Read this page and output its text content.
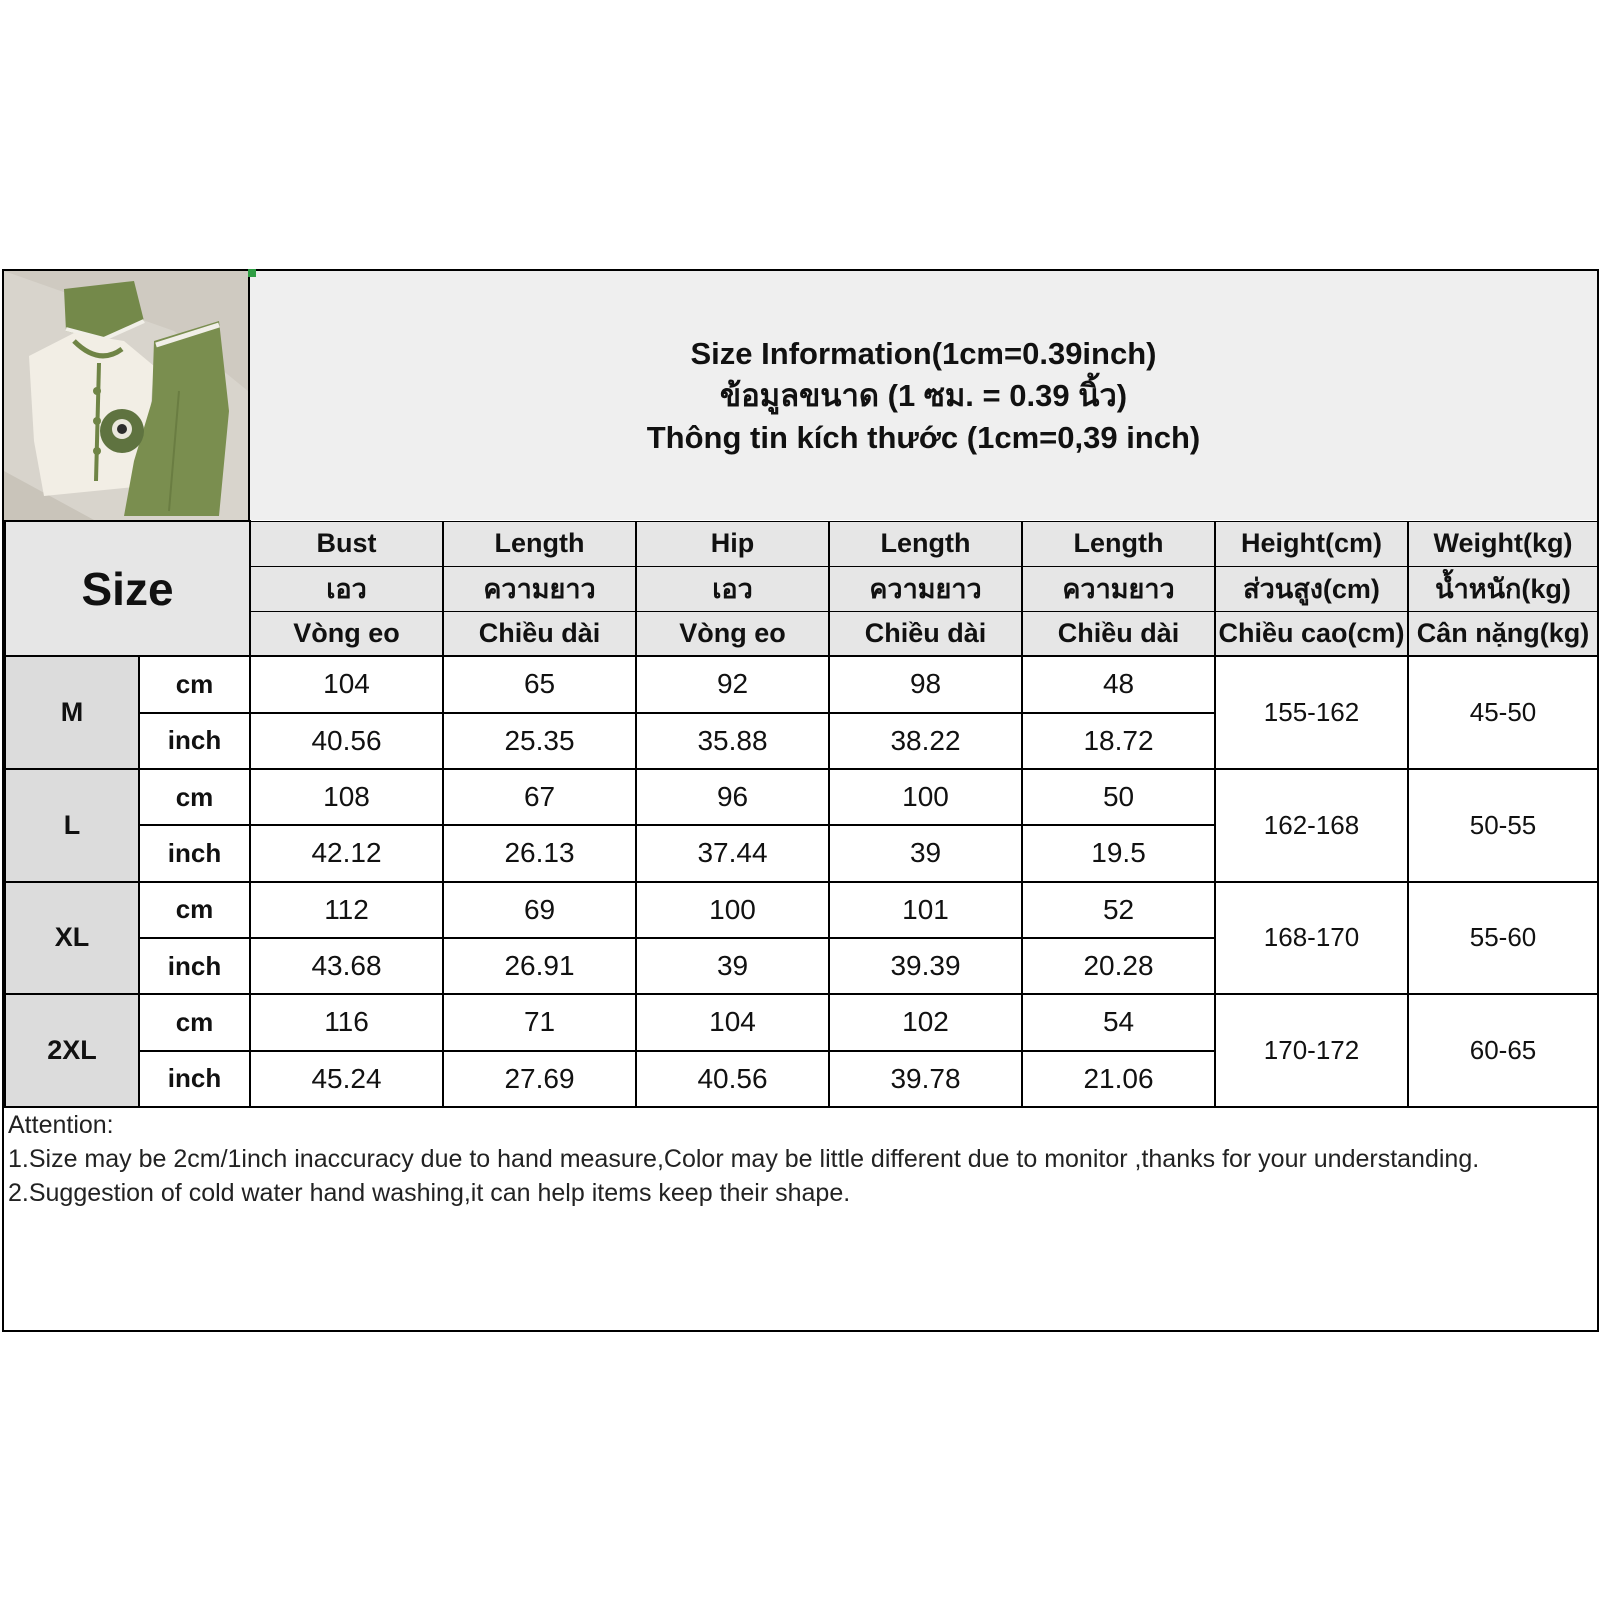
Size Information(1cm=0.39inch)
ข้อมูลขนาด (1 ซม. = 0.39 นิ้ว)
Thông tin kích thước (1cm=0,39 inch)
Size		Bust	Length	Hip	Length	Length	Height(cm)	Weight(kg)
		เอว	ความยาว	เอว	ความยาว	ความยาว	ส่วนสูง(cm)	น้ำหนัก(kg)
		Vòng eo	Chiều dài	Vòng eo	Chiều dài	Chiều dài	Chiều cao(cm)	Cân nặng(kg)
M	cm	104	65	92	98	48	155-162	45-50
	inch	40.56	25.35	35.88	38.22	18.72		
L	cm	108	67	96	100	50	162-168	50-55
	inch	42.12	26.13	37.44	39	19.5		
XL	cm	112	69	100	101	52	168-170	55-60
	inch	43.68	26.91	39	39.39	20.28		
2XL	cm	116	71	104	102	54	170-172	60-65
	inch	45.24	27.69	40.56	39.78	21.06		
Attention:
1.Size may be 2cm/1inch inaccuracy due to hand measure,Color may be little different due to monitor ,thanks for your understanding.
2.Suggestion of cold water hand washing,it can help items keep their shape.
